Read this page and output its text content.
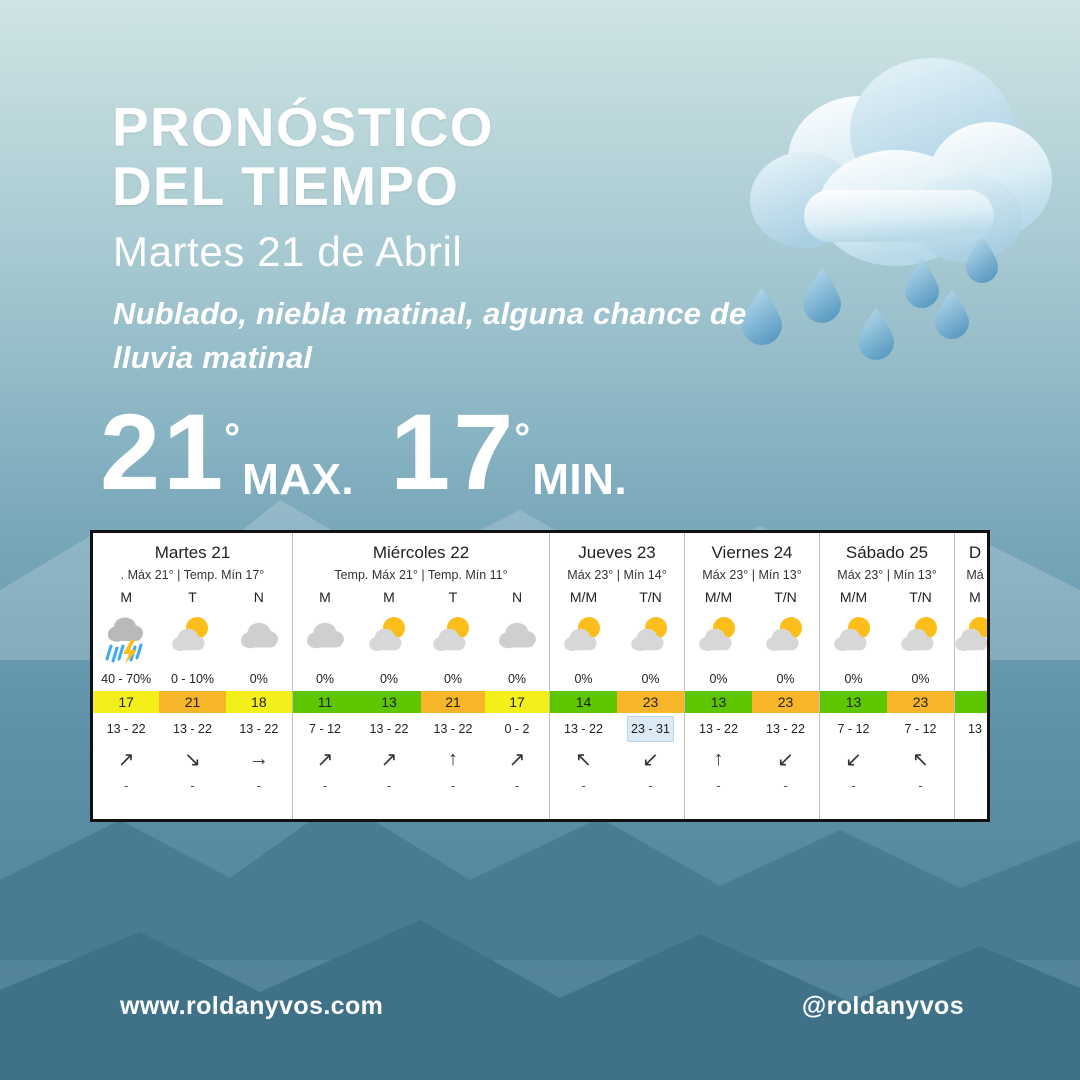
PRONÓSTICO
DEL TIEMPO
Martes 21 de Abril
Nublado, niebla matinal, alguna chance de lluvia matinal
21
°
MAX. 17
°
MIN.
Martes 21
. Máx 21° | Temp. Mín 17°
M
40 - 70%
17
13 - 22
↗
-
T
0 - 10%
21
13 - 22
↘
-
N
0%
18
13 - 22
→
-
Miércoles 22
Temp. Máx 21° | Temp. Mín 11°
M
0%
11
7 - 12
↗
-
M
0%
13
13 - 22
↗
-
T
0%
21
13 - 22
↑
-
N
0%
17
0 - 2
↗
-
Jueves 23
Máx 23° | Mín 14°
M/M
0%
14
13 - 22
↖
-
T/N
0%
23
23 - 31
↙
-
Viernes 24
Máx 23° | Mín 13°
M/M
0%
13
13 - 22
↑
-
T/N
0%
23
13 - 22
↙
-
Sábado 25
Máx 23° | Mín 13°
M/M
0%
13
7 - 12
↙
-
T/N
0%
23
7 - 12
↖
-
D
Má
M
13
www.roldanyvos.com	@roldanyvos
